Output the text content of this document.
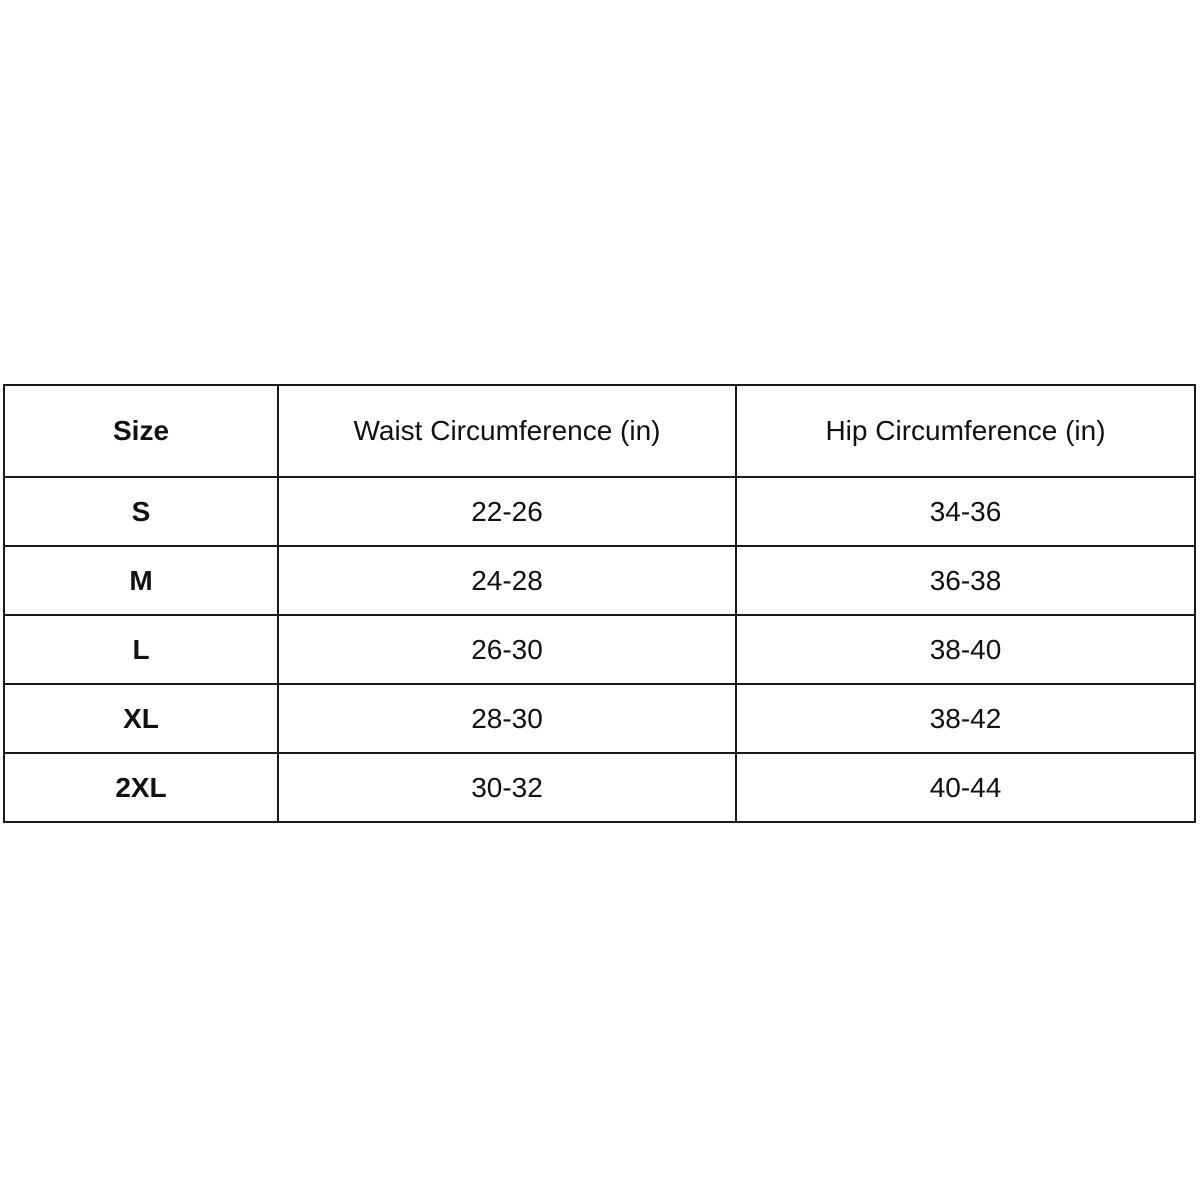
Size	Waist Circumference (in)	Hip Circumference (in)
S	22-26	34-36
M	24-28	36-38
L	26-30	38-40
XL	28-30	38-42
2XL	30-32	40-44
